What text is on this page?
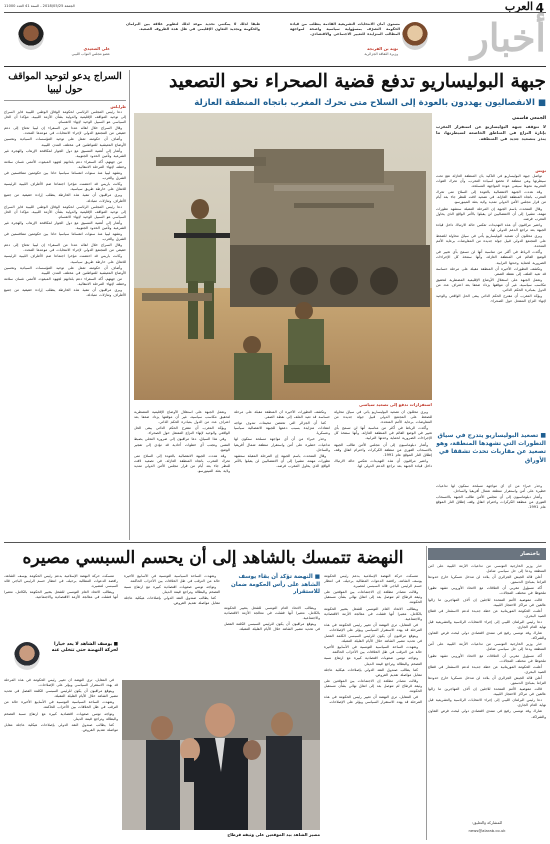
4
العرب
الجمعة 2018/05/25 - السنة 41 العدد 11000
أخبار
مستوى أمان الانتخابات التشريعية القادمة يتطلب من قيادة الحكومة التصرّف بمسؤولية سياسية واضحة لمواجهة المطالب المتزايدة للتغيير الاجتماعي والاقتصادي.
نوبة بن الفرنجة
وزيرة الثقافة الجزائرية
طبقاً لذلك لا يمكنني تحديد موعد لذلك لتطوير علاقة بين البرلمان والحكومة وتجديد التعاون الإقليمي في ظل هذه الظروف الصعبة.
علي الصعيدي
عضو مجلس النواب الليبي
السراج يدعو لتوحيد المواقف حول ليبيا
طرابلس

دعا رئيس المجلس الرئاسي لحكومة الوفاق الوطني الليبية فايز السراج إلى توحيد المواقف الإقليمية والدولية بشأن الأزمة الليبية، مؤكدا أن الحل السياسي هو السبيل الوحيد لإنهاء الانقسام.

وقال السراج خلال لقائه عددا من السفراء إن ليبيا تحتاج إلى دعم حقيقي من المجتمع الدولي لإجراء الانتخابات في موعدها المحدد.

وأضاف أن حكومته تعمل على توحيد المؤسسات السيادية وتحسين الأوضاع المعيشية للمواطنين في مختلف المدن الليبية.

وأشار إلى أهمية التنسيق مع دول الجوار لمكافحة الإرهاب والهجرة غير الشرعية وتأمين الحدود الجنوبية.

من جهتهم، أكد السفراء دعم بلدانهم لجهود المبعوث الأممي غسان سلامة وخطته لإنهاء المرحلة الانتقالية.

وتشهد ليبيا منذ سنوات انقساما سياسيا حادا بين حكومتين متنافستين في الشرق والغرب.

وكانت باريس قد احتضنت مؤخرا اجتماعا ضم الأطراف الليبية الرئيسية للاتفاق على خارطة طريق سياسية.

ويرى مراقبون أن تنفيذ هذه الخارطة يتطلب إرادة حقيقية من جميع الأطراف وتنازلات متبادلة.

دعا رئيس المجلس الرئاسي لحكومة الوفاق الوطني الليبية فايز السراج إلى توحيد المواقف الإقليمية والدولية بشأن الأزمة الليبية، مؤكدا أن الحل السياسي هو السبيل الوحيد لإنهاء الانقسام.

وأشار إلى أهمية التنسيق مع دول الجوار لمكافحة الإرهاب والهجرة غير الشرعية وتأمين الحدود الجنوبية.

وتشهد ليبيا منذ سنوات انقساما سياسيا حادا بين حكومتين متنافستين في الشرق والغرب.

وقال السراج خلال لقائه عددا من السفراء إن ليبيا تحتاج إلى دعم حقيقي من المجتمع الدولي لإجراء الانتخابات في موعدها المحدد.

وكانت باريس قد احتضنت مؤخرا اجتماعا ضم الأطراف الليبية الرئيسية للاتفاق على خارطة طريق سياسية.

وأضاف أن حكومته تعمل على توحيد المؤسسات السيادية وتحسين الأوضاع المعيشية للمواطنين في مختلف المدن الليبية.

من جهتهم، أكد السفراء دعم بلدانهم لجهود المبعوث الأممي غسان سلامة وخطته لإنهاء المرحلة الانتقالية.

ويرى مراقبون أن تنفيذ هذه الخارطة يتطلب إرادة حقيقية من جميع الأطراف وتنازلات متبادلة.

جبهة البوليساريو تدفع قضية الصحراء نحو التصعيد
■ الانفصاليون يهددون بالعودة إلى السلاح متى تحرك المغرب باتجاه المنطقة العازلة
استفزازات تدفع إلى تصعيد سياسي
الجمعي قاسمي
لا تتوقف جبهة البوليساريو عن استفزاز المغرب بإثارة النزاع في المناطق الخاضعة لسيطرتها، ما ينذر بتصعيد جديد في المنطقة.
تونس

تواصل جبهة البوليساريو في التأكيد بأن المنطقة العازلة تقع تحت سيطرتها وهي منطقة لا تخضع لسيادة المغرب، وأن تحرك القوات المغربية نحوها سيعني عودة المواجهة المسلحة.

وقد هددت الجبهة الانفصالية بالعودة إلى السلاح متى تحرك المغرب باتجاه المنطقة العازلة، في تصعيد لافت للنظر جاء بعد أيام من قرار مجلس الأمن الدولي تمديد ولاية بعثة المينورسو.

وقال المتحدث باسم الجبهة إن المرحلة المقبلة ستشهد تطورات مهمة، مشيرا إلى أن الانفصاليين لن يقبلوا بالأمر الواقع الذي يحاول المغرب فرضه.

واعتبر مراقبون أن هذه التهديدات تعكس حالة الارتباك داخل قيادة الجبهة بعد تراجع الدعم الدولي لها.

ويرى محللون أن تصعيد البوليساريو يأتي في سياق محاولة للضغط على المجتمع الدولي قبيل جولة جديدة من المفاوضات برعاية الأمم المتحدة.

وأكدت الرباط في أكثر من مناسبة أنها لن تسمح بأي تغيير في الوضع القائم في المنطقة العازلة، وأنها ستتخذ كل الإجراءات الضرورية لحماية وحدتها الترابية.

وتكشف التطورات الأخيرة أن المنطقة مقبلة على مرحلة حساسة قد تعيد الملف إلى نقطة الصفر.

وتعمل الجبهة على استغلال الأوضاع الإقليمية المضطربة لتحقيق مكاسب سياسية، غير أن موقفها يزداد ضعفا بعد اعتراف عدد من الدول بمبادرة الحكم الذاتي.

ويؤكد المغرب أن مقترح الحكم الذاتي يبقى الحل الواقعي والوحيد لإنهاء النزاع المفتعل حول الصحراء.

■ تصعيد البوليساريو يتدرج في سياق التطورات التي تشهدها المنطقة، وهو تصعيد عن مقاربات تحدث تشققا في الأوراق

وحذر خبراء من أن أي مواجهة مسلحة ستكون لها تداعيات خطيرة على أمن واستقرار منطقة شمال أفريقيا والساحل.

وأشار دبلوماسيون إلى أن مجلس الأمن طالب الجبهة بالانسحاب الفوري من منطقة الكركرات واحترام اتفاق وقف إطلاق النار الموقع عام 1991.

ويرى محللون أن تصعيد البوليساريو يأتي في سياق محاولة للضغط على المجتمع الدولي قبيل جولة جديدة من المفاوضات برعاية الأمم المتحدة.

وأكدت الرباط في أكثر من مناسبة أنها لن تسمح بأي تغيير في الوضع القائم في المنطقة العازلة، وأنها ستتخذ كل الإجراءات الضرورية لحماية وحدتها الترابية.

وأشار دبلوماسيون إلى أن مجلس الأمن طالب الجبهة بالانسحاب الفوري من منطقة الكركرات واحترام اتفاق وقف إطلاق النار الموقع عام 1991.

واعتبر مراقبون أن هذه التهديدات تعكس حالة الارتباك داخل قيادة الجبهة بعد تراجع الدعم الدولي لها.

وتكشف التطورات الأخيرة أن المنطقة مقبلة على مرحلة حساسة قد تعيد الملف إلى نقطة الصفر.

كما أن الجزائر التي تحتضن مخيمات تندوف تواجه انتقادات متزايدة بسبب دعمها للجبهة الانفصالية سياسيا وعسكريا.

وحذر خبراء من أن أي مواجهة مسلحة ستكون لها تداعيات خطيرة على أمن واستقرار منطقة شمال أفريقيا والساحل.

وقال المتحدث باسم الجبهة إن المرحلة المقبلة ستشهد تطورات مهمة، مشيرا إلى أن الانفصاليين لن يقبلوا بالأمر الواقع الذي يحاول المغرب فرضه.

وتعمل الجبهة على استغلال الأوضاع الإقليمية المضطربة لتحقيق مكاسب سياسية، غير أن موقفها يزداد ضعفا بعد اعتراف عدد من الدول بمبادرة الحكم الذاتي.

ويؤكد المغرب أن مقترح الحكم الذاتي يبقى الحل الواقعي والوحيد لإنهاء النزاع المفتعل حول الصحراء.

وفي هذا السياق، دعا مراقبون إلى ضرورة التحلي بضبط النفس وتجنب أي خطوات أحادية قد تؤدي إلى تفجير الوضع.

وقد هددت الجبهة الانفصالية بالعودة إلى السلاح متى تحرك المغرب باتجاه المنطقة العازلة، في تصعيد لافت للنظر جاء بعد أيام من قرار مجلس الأمن الدولي تمديد ولاية بعثة المينورسو.

باختصار

حذر وزير الخارجية التونسي من تداعيات الأزمة الليبية على أمن المنطقة ودعا إلى حل سياسي شامل.

أعلن قائد الجيش الجزائري أن بلاده لن تتدخل عسكريا خارج حدودها التزاما بمبادئ الدستور.

أكد مسؤول مغربي أن العلاقات مع الاتحاد الأوروبي تشهد تطورا ملحوظا في مختلف المجالات.

قالت مفوضية الأمم المتحدة للاجئين إن آلاف المهاجرين ما زالوا عالقين في مراكز الاحتجاز الليبية.

أعلنت الحكومة الموريتانية عن خطة جديدة لدعم الاستثمار في قطاع الصيد البحري.

دعا رئيس البرلمان الليبي إلى إجراء الانتخابات الرئاسية والتشريعية قبل نهاية العام الجاري.

شارك وفد تونسي رفيع في منتدى اقتصادي دولي لبحث فرص التعاون والشراكة.

حذر وزير الخارجية التونسي من تداعيات الأزمة الليبية على أمن المنطقة ودعا إلى حل سياسي شامل.

أكد مسؤول مغربي أن العلاقات مع الاتحاد الأوروبي تشهد تطورا ملحوظا في مختلف المجالات.

أعلنت الحكومة الموريتانية عن خطة جديدة لدعم الاستثمار في قطاع الصيد البحري.

أعلن قائد الجيش الجزائري أن بلاده لن تتدخل عسكريا خارج حدودها التزاما بمبادئ الدستور.

قالت مفوضية الأمم المتحدة للاجئين إن آلاف المهاجرين ما زالوا عالقين في مراكز الاحتجاز الليبية.

دعا رئيس البرلمان الليبي إلى إجراء الانتخابات الرئاسية والتشريعية قبل نهاية العام الجاري.

شارك وفد تونسي رفيع في منتدى اقتصادي دولي لبحث فرص التعاون والشراكة.

للمشاركة والتعليق:
news@alarab.co.uk
النهضة تتمسك بالشاهد إلى أن يحسم السبسي مصيره

تمسكت حركة النهضة الإسلامية بدعم رئيس الحكومة يوسف الشاهد، رافضة الدعوات المطالبة برحيله، في انتظار حسم الرئيس الباجي قائد السبسي لمصيره.

وقالت مصادر مطلعة إن الاجتماعات بين الموقعين على وثيقة قرطاج لم تتوصل بعد إلى اتفاق نهائي بشأن مستقبل الحكومة.

ويطالب الاتحاد العام التونسي للشغل بتغيير الحكومة بالكامل، معتبرا أنها فشلت في معالجة الأزمة الاقتصادية والاجتماعية.

في المقابل، ترى النهضة أن تغيير رئيس الحكومة في هذه المرحلة قد يهدد الاستقرار السياسي ويؤثر على الإصلاحات.

ويتوقع مراقبون أن يكون للرئيس السبسي الكلمة الفصل في تحديد مصير الشاهد خلال الأيام القليلة المقبلة.

وشهدت الساحة السياسية التونسية في الأسابيع الأخيرة حالة من الترقب في ظل الخلافات بين الأحزاب الحاكمة.

وتواجه تونس صعوبات اقتصادية كبيرة مع ارتفاع نسبة التضخم والبطالة وتراجع قيمة الدينار.

كما يطالب صندوق النقد الدولي بإصلاحات هيكلية عاجلة مقابل مواصلة تقديم القروض.

وقالت مصادر مطلعة إن الاجتماعات بين الموقعين على وثيقة قرطاج لم تتوصل بعد إلى اتفاق نهائي بشأن مستقبل الحكومة.

في المقابل، ترى النهضة أن تغيير رئيس الحكومة في هذه المرحلة قد يهدد الاستقرار السياسي ويؤثر على الإصلاحات.

■ النهضة تؤكد أن بقاء يوسف الشاهد على رأس الحكومة ضمان للاستقرار

ويطالب الاتحاد العام التونسي للشغل بتغيير الحكومة بالكامل، معتبرا أنها فشلت في معالجة الأزمة الاقتصادية والاجتماعية.

ويتوقع مراقبون أن يكون للرئيس السبسي الكلمة الفصل في تحديد مصير الشاهد خلال الأيام القليلة المقبلة.

وشهدت الساحة السياسية التونسية في الأسابيع الأخيرة حالة من الترقب في ظل الخلافات بين الأحزاب الحاكمة.

وتواجه تونس صعوبات اقتصادية كبيرة مع ارتفاع نسبة التضخم والبطالة وتراجع قيمة الدينار.

كما يطالب صندوق النقد الدولي بإصلاحات هيكلية عاجلة مقابل مواصلة تقديم القروض.

مصير الشاهد بيد الموقعين على وثيقة قرطاج

تمسكت حركة النهضة الإسلامية بدعم رئيس الحكومة يوسف الشاهد، رافضة الدعوات المطالبة برحيله، في انتظار حسم الرئيس الباجي قائد السبسي لمصيره.

ويطالب الاتحاد العام التونسي للشغل بتغيير الحكومة بالكامل، معتبرا أنها فشلت في معالجة الأزمة الاقتصادية والاجتماعية.

■ يوسف الشاهد لا يعد خيارا لحركة النهضة حتى تتخلى عنه

في المقابل، ترى النهضة أن تغيير رئيس الحكومة في هذه المرحلة قد يهدد الاستقرار السياسي ويؤثر على الإصلاحات.

ويتوقع مراقبون أن يكون للرئيس السبسي الكلمة الفصل في تحديد مصير الشاهد خلال الأيام القليلة المقبلة.

وشهدت الساحة السياسية التونسية في الأسابيع الأخيرة حالة من الترقب في ظل الخلافات بين الأحزاب الحاكمة.

وتواجه تونس صعوبات اقتصادية كبيرة مع ارتفاع نسبة التضخم والبطالة وتراجع قيمة الدينار.

كما يطالب صندوق النقد الدولي بإصلاحات هيكلية عاجلة مقابل مواصلة تقديم القروض.
